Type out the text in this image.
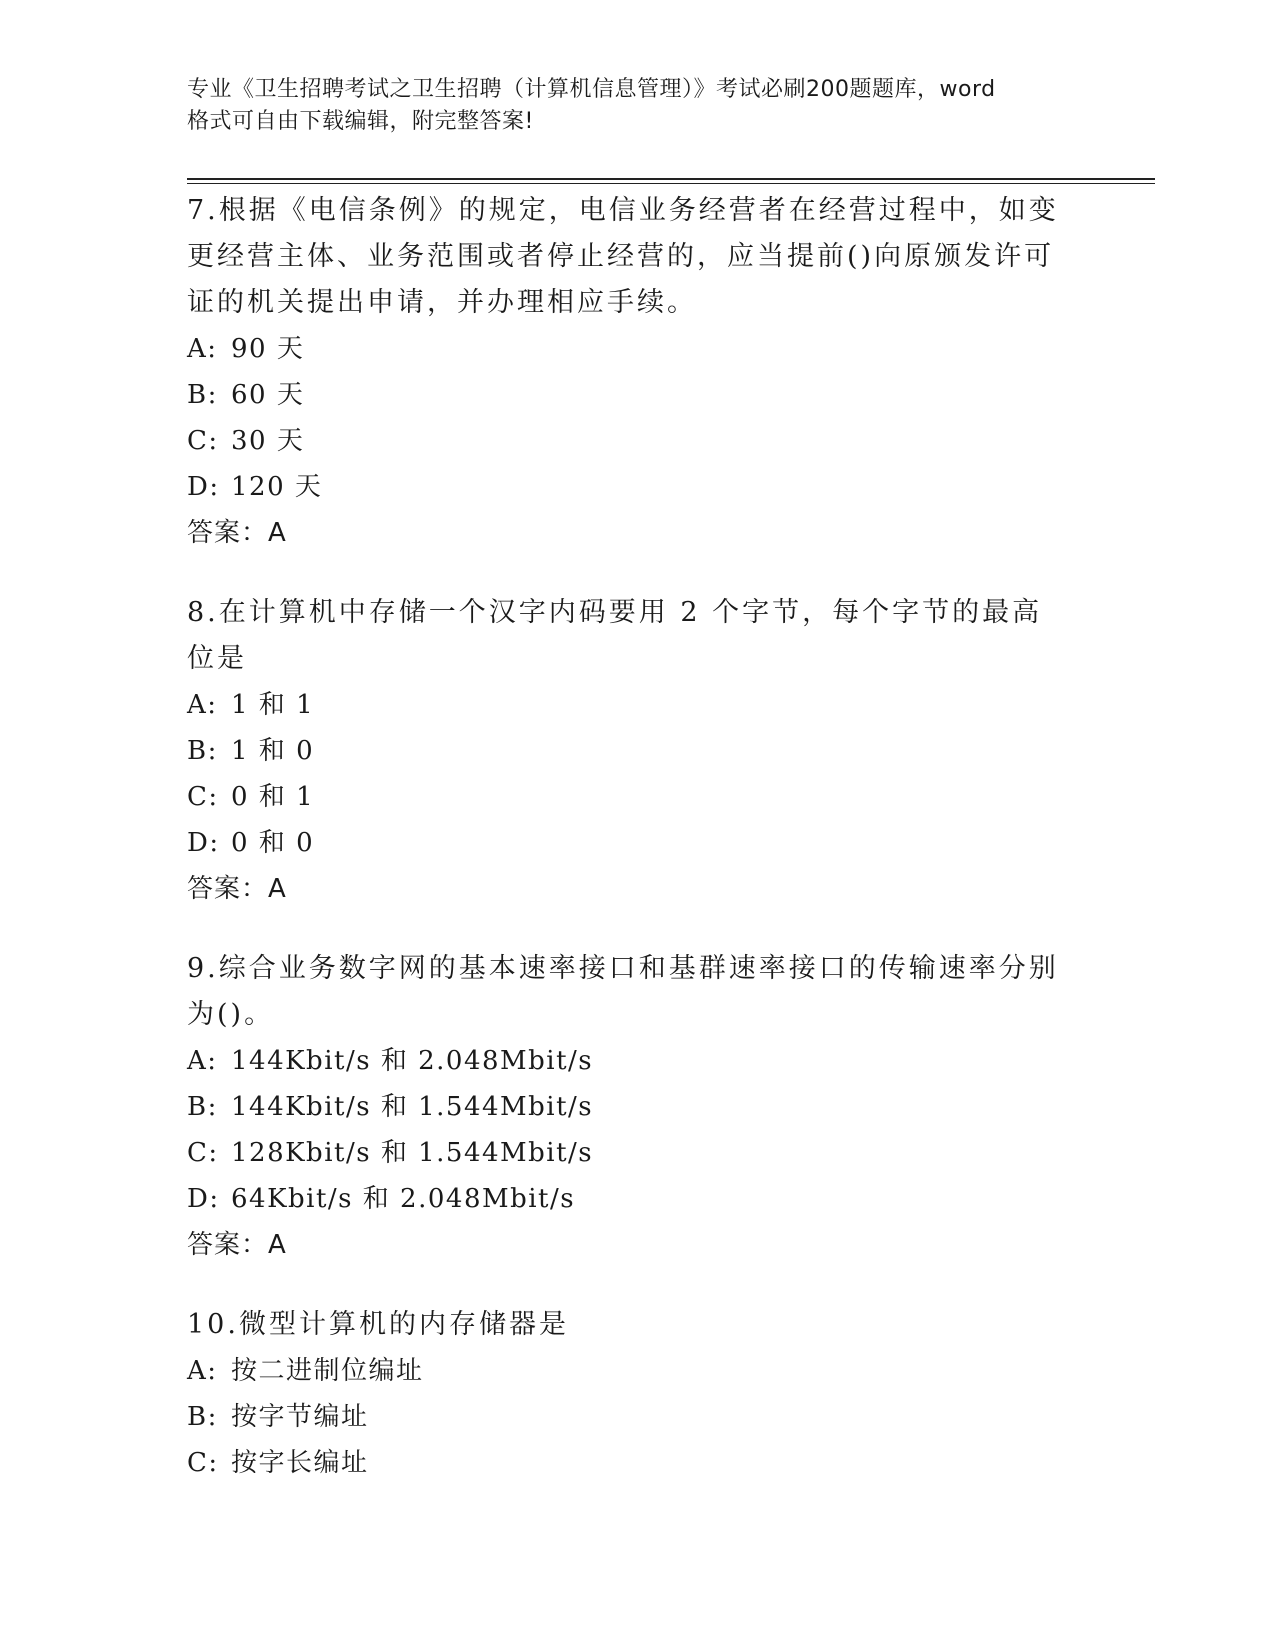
专业《卫生招聘考试之卫生招聘（计算机信息管理）》考试必刷200题题库，word
格式可自由下载编辑，附完整答案!
7.根据《电信条例》的规定，电信业务经营者在经营过程中，如变更经营主体、业务范围或者停止经营的，应当提前()向原颁发许可证的机关提出申请，并办理相应手续。
A: 90 天
B: 60 天
C: 30 天
D: 120 天
答案：A
8.在计算机中存储一个汉字内码要用 2 个字节，每个字节的最高位是
A: 1 和 1
B: 1 和 0
C: 0 和 1
D: 0 和 0
答案：A
9.综合业务数字网的基本速率接口和基群速率接口的传输速率分别为()。
A: 144Kbit/s 和 2.048Mbit/s
B: 144Kbit/s 和 1.544Mbit/s
C: 128Kbit/s 和 1.544Mbit/s
D: 64Kbit/s 和 2.048Mbit/s
答案：A
10.微型计算机的内存储器是
A: 按二进制位编址
B: 按字节编址
C: 按字长编址
